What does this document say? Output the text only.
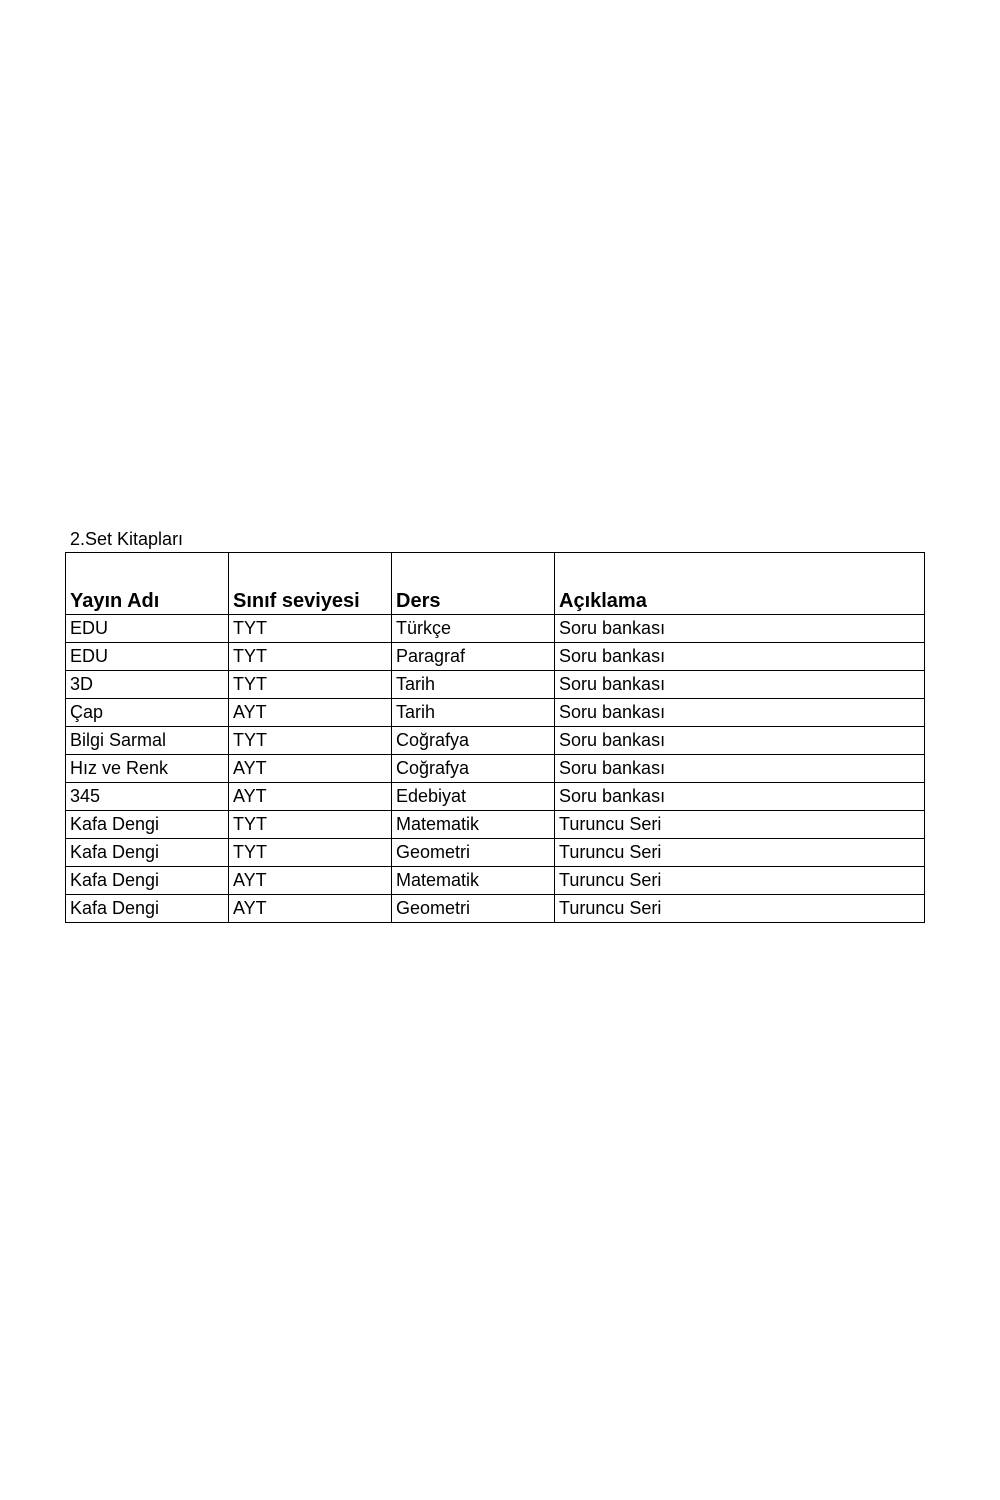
2.Set Kitapları
Yayın Adı	Sınıf seviyesi	Ders	Açıklama
EDU	TYT	Türkçe	Soru bankası
EDU	TYT	Paragraf	Soru bankası
3D	TYT	Tarih	Soru bankası
Çap	AYT	Tarih	Soru bankası
Bilgi Sarmal	TYT	Coğrafya	Soru bankası
Hız ve Renk	AYT	Coğrafya	Soru bankası
345	AYT	Edebiyat	Soru bankası
Kafa Dengi	TYT	Matematik	Turuncu Seri
Kafa Dengi	TYT	Geometri	Turuncu Seri
Kafa Dengi	AYT	Matematik	Turuncu Seri
Kafa Dengi	AYT	Geometri	Turuncu Seri
